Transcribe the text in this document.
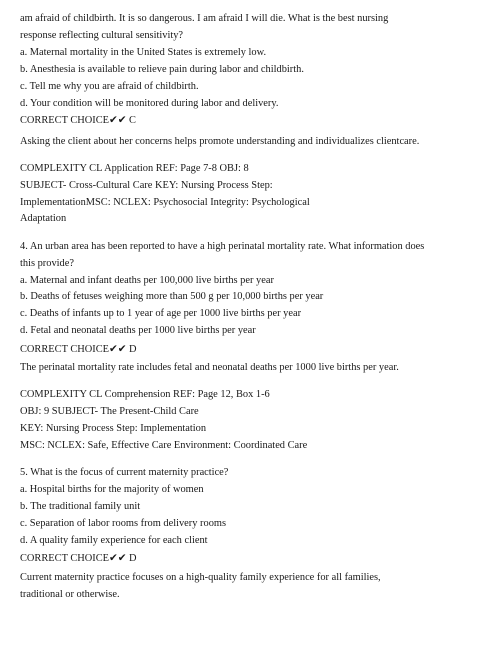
am afraid of childbirth. It is so dangerous. I am afraid I will die. What is the best nursing
response reflecting cultural sensitivity?
a. Maternal mortality in the United States is extremely low.
b. Anesthesia is available to relieve pain during labor and childbirth.
c. Tell me why you are afraid of childbirth.
d. Your condition will be monitored during labor and delivery.
CORRECT CHOICE✔✔ C
Asking the client about her concerns helps promote understanding and individualizes clientcare.
COMPLEXITY CL Application REF: Page 7-8 OBJ: 8
SUBJECT- Cross-Cultural Care KEY: Nursing Process Step:
ImplementationMSC: NCLEX: Psychosocial Integrity: Psychological
Adaptation
4. An urban area has been reported to have a high perinatal mortality rate. What information does
this provide?
a. Maternal and infant deaths per 100,000 live births per year
b. Deaths of fetuses weighing more than 500 g per 10,000 births per year
c. Deaths of infants up to 1 year of age per 1000 live births per year
d. Fetal and neonatal deaths per 1000 live births per year
CORRECT CHOICE✔✔ D
The perinatal mortality rate includes fetal and neonatal deaths per 1000 live births per year.
COMPLEXITY CL Comprehension REF: Page 12, Box 1-6
OBJ: 9 SUBJECT- The Present-Child Care
KEY: Nursing Process Step: Implementation
MSC: NCLEX: Safe, Effective Care Environment: Coordinated Care
5. What is the focus of current maternity practice?
a. Hospital births for the majority of women
b. The traditional family unit
c. Separation of labor rooms from delivery rooms
d. A quality family experience for each client
CORRECT CHOICE✔✔ D
Current maternity practice focuses on a high-quality family experience for all families,
traditional or otherwise.
